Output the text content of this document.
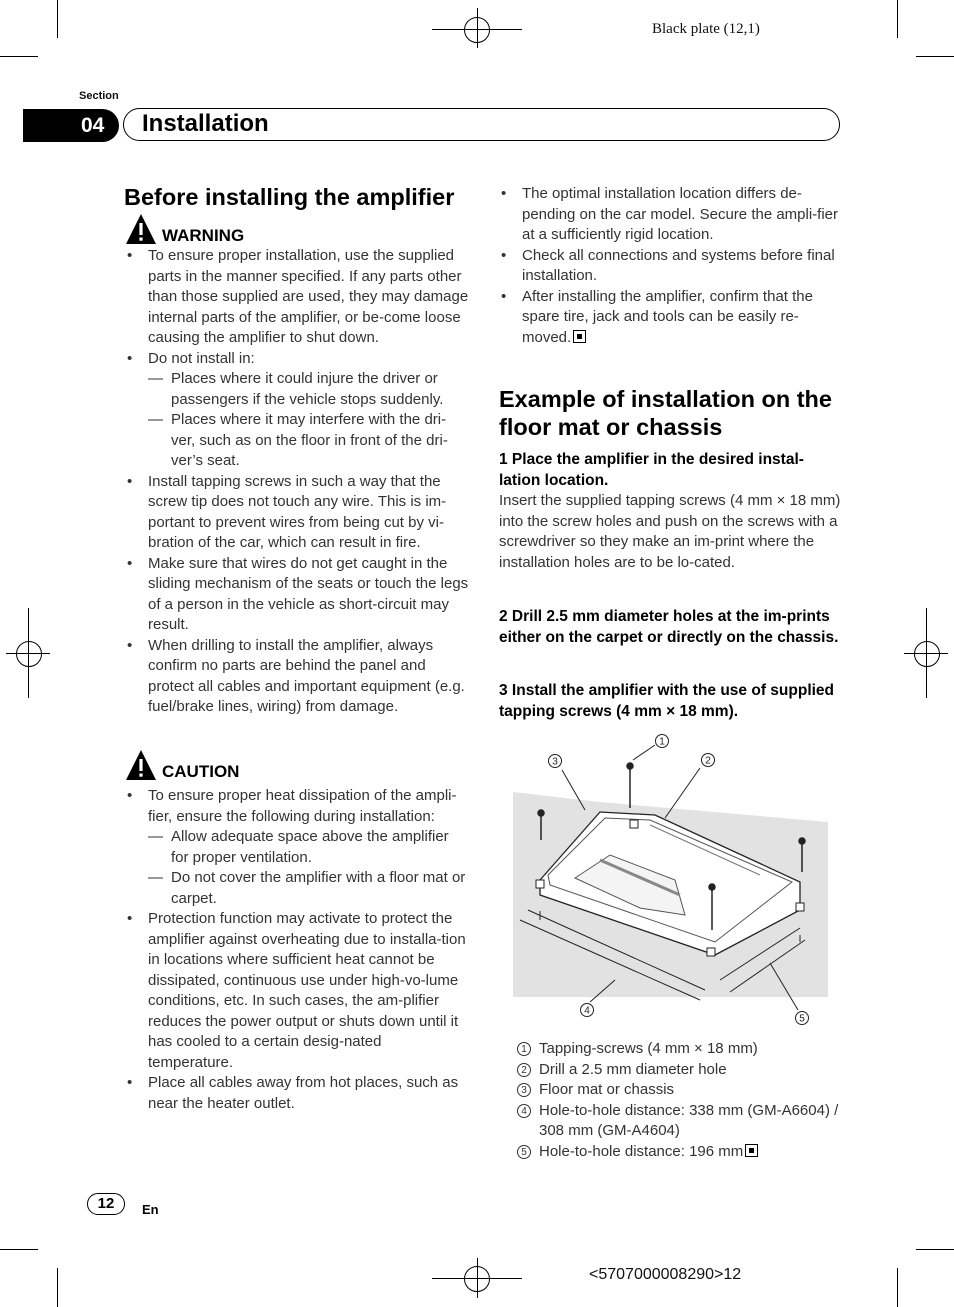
Black plate (12,1)
Section
04 Installation
Before installing the amplifier
WARNING
• To ensure proper installation, use the supplied parts in the manner specified. If any parts other than those supplied are used, they may damage internal parts of the amplifier, or be-come loose causing the amplifier to shut down.
• Do not install in:
— Places where it could injure the driver or passengers if the vehicle stops suddenly.
— Places where it may interfere with the dri-ver, such as on the floor in front of the dri-ver’s seat.
• Install tapping screws in such a way that the screw tip does not touch any wire. This is im-portant to prevent wires from being cut by vi-bration of the car, which can result in fire.
• Make sure that wires do not get caught in the sliding mechanism of the seats or touch the legs of a person in the vehicle as short-circuit may result.
• When drilling to install the amplifier, always confirm no parts are behind the panel and protect all cables and important equipment (e.g. fuel/brake lines, wiring) from damage.
CAUTION
• To ensure proper heat dissipation of the ampli-fier, ensure the following during installation:
— Allow adequate space above the amplifier for proper ventilation.
— Do not cover the amplifier with a floor mat or carpet.
• Protection function may activate to protect the amplifier against overheating due to installa-tion in locations where sufficient heat cannot be dissipated, continuous use under high-vo-lume conditions, etc. In such cases, the am-plifier reduces the power output or shuts down until it has cooled to a certain desig-nated temperature.
• Place all cables away from hot places, such as near the heater outlet.
• The optimal installation location differs de-pending on the car model. Secure the ampli-fier at a sufficiently rigid location.
• Check all connections and systems before final installation.
• After installing the amplifier, confirm that the spare tire, jack and tools can be easily re-moved.
Example of installation on the floor mat or chassis

1 Place the amplifier in the desired instal-lation location.

Insert the supplied tapping screws (4 mm × 18 mm) into the screw holes and push on the screws with a screwdriver so they make an im-print where the installation holes are to be lo-cated.

2 Drill 2.5 mm diameter holes at the im-prints either on the carpet or directly on the chassis.

3 Install the amplifier with the use of supplied tapping screws (4 mm × 18 mm).

1
2
3
4
5
1 Tapping-screws (4 mm × 18 mm)
2 Drill a 2.5 mm diameter hole
3 Floor mat or chassis
4 Hole-to-hole distance: 338 mm (GM-A6604) / 308 mm (GM-A4604)
5 Hole-to-hole distance: 196 mm
12	En
<5707000008290>12
